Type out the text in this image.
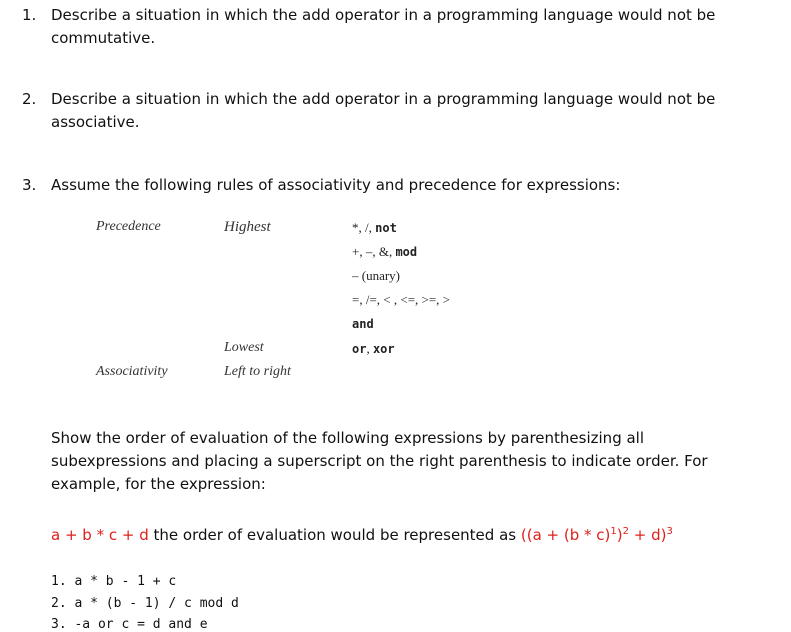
1. Describe a situation in which the add operator in a programming language would not be commutative.
2. Describe a situation in which the add operator in a programming language would not be associative.
3. Assume the following rules of associativity and precedence for expressions:
Precedence	Highest
Lowest
Associativity	Left to right
*, /, not
+, –, &, mod
– (unary)
=, /=, < , <=, >=, >
and
or, xor
Show the order of evaluation of the following expressions by parenthesizing all subexpressions and placing a superscript on the right parenthesis to indicate order. For example, for the expression:
a + b * c + d the order of evaluation would be represented as $((a + (b * c)^1)^2 + d)^3$
1. a * b - 1 + c
2. a * (b - 1) / c mod d
3. -a or c = d and e
